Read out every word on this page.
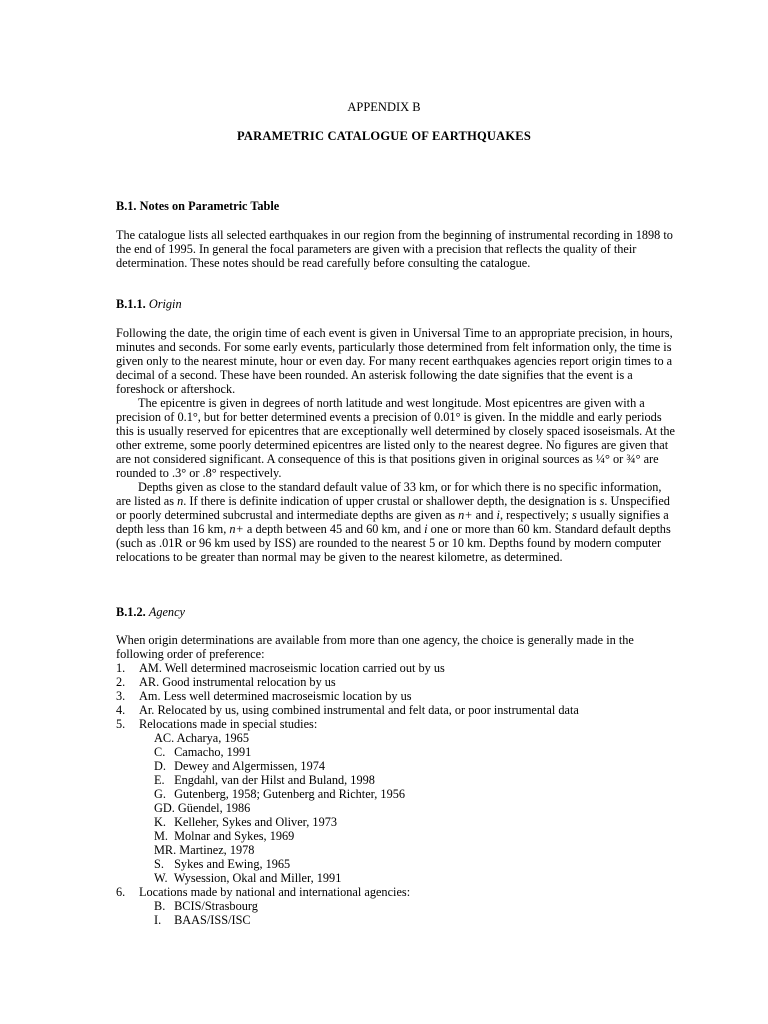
APPENDIX B
PARAMETRIC CATALOGUE OF EARTHQUAKES
B.1. Notes on Parametric Table

The catalogue lists all selected earthquakes in our region from the beginning of instrumental recording in 1898 to the end of 1995. In general the focal parameters are given with a precision that reflects the quality of their determination. These notes should be read carefully before consulting the catalogue.

B.1.1. Origin

Following the date, the origin time of each event is given in Universal Time to an appropriate precision, in hours, minutes and seconds. For some early events, particularly those determined from felt information only, the time is given only to the nearest minute, hour or even day. For many recent earthquakes agencies report origin times to a decimal of a second. These have been rounded. An asterisk following the date signifies that the event is a foreshock or aftershock.

The epicentre is given in degrees of north latitude and west longitude. Most epicentres are given with a precision of 0.1°, but for better determined events a precision of 0.01° is given. In the middle and early periods this is usually reserved for epicentres that are exceptionally well determined by closely spaced isoseismals. At the other extreme, some poorly determined epicentres are listed only to the nearest degree. No figures are given that are not considered significant. A consequence of this is that positions given in original sources as ¼° or ¾° are rounded to .3° or .8° respectively.

Depths given as close to the standard default value of 33 km, or for which there is no specific information, are listed as n. If there is definite indication of upper crustal or shallower depth, the designation is s. Unspecified or poorly determined subcrustal and intermediate depths are given as n+ and i, respectively; s usually signifies a depth less than 16 km, n+ a depth between 45 and 60 km, and i one or more than 60 km. Standard default depths (such as .01R or 96 km used by ISS) are rounded to the nearest 5 or 10 km. Depths found by modern computer relocations to be greater than normal may be given to the nearest kilometre, as determined.

B.1.2. Agency

When origin determinations are available from more than one agency, the choice is generally made in the following order of preference:

1. AM. Well determined macroseismic location carried out by us
2. AR. Good instrumental relocation by us
3. Am. Less well determined macroseismic location by us
4. Ar. Relocated by us, using combined instrumental and felt data, or poor instrumental data
5. Relocations made in special studies:
AC. Acharya, 1965
C. Camacho, 1991
D. Dewey and Algermissen, 1974
E. Engdahl, van der Hilst and Buland, 1998
G. Gutenberg, 1958; Gutenberg and Richter, 1956
GD. Güendel, 1986
K. Kelleher, Sykes and Oliver, 1973
M. Molnar and Sykes, 1969
MR. Martinez, 1978
S. Sykes and Ewing, 1965
W. Wysession, Okal and Miller, 1991
6. Locations made by national and international agencies:
B. BCIS/Strasbourg
I. BAAS/ISS/ISC
